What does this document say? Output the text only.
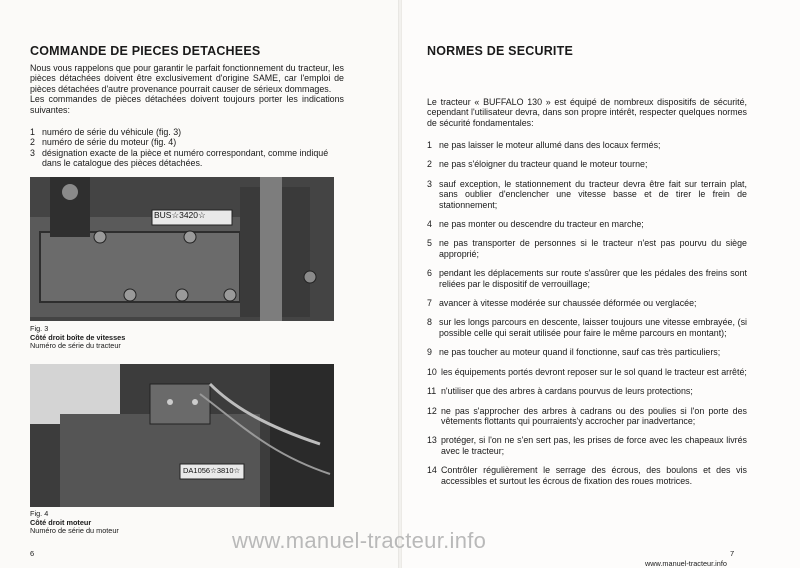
COMMANDE DE PIECES DETACHEES
Nous vous rappelons que pour garantir le parfait fonctionnement du tracteur, les pièces détachées doivent être exclusivement d'origine SAME, car l'emploi de pièces détachées d'autre provenance pourrait causer de sérieux dommages.
Les commandes de pièces détachées doivent toujours porter les indications suivantes:
1 numéro de série du véhicule (fig. 3)
2 numéro de série du moteur (fig. 4)
3 désignation exacte de la pièce et numéro correspondant, comme indiqué dans le catalogue des pièces détachées.
BUS☆3420☆
Fig. 3
Côté droit boîte de vitesses
Numéro de série du tracteur
DA1056☆3810☆
Fig. 4
Côté droit moteur
Numéro de série du moteur
6
NORMES DE SECURITE
Le tracteur « BUFFALO 130 » est équipé de nombreux dispositifs de sécurité, cependant l'utilisateur devra, dans son propre intérêt, respecter quelques normes de sécurité fondamentales:
1 ne pas laisser le moteur allumé dans des locaux fermés;
2 ne pas s'éloigner du tracteur quand le moteur tourne;
3 sauf exception, le stationnement du tracteur devra être fait sur terrain plat, sans oublier d'enclencher une vitesse basse et de tirer le frein de stationnement;
4 ne pas monter ou descendre du tracteur en marche;
5 ne pas transporter de personnes si le tracteur n'est pas pourvu du siège approprié;
6 pendant les déplacements sur route s'assûrer que les pédales des freins sont reliées par le dispositif de verrouillage;
7 avancer à vitesse modérée sur chaussée déformée ou verglacée;
8 sur les longs parcours en descente, laisser toujours une vitesse embrayée, (si possible celle qui serait utilisée pour faire le même parcours en montant);
9 ne pas toucher au moteur quand il fonctionne, sauf cas très particuliers;
10 les équipements portés devront reposer sur le sol quand le tracteur est arrêté;
11 n'utiliser que des arbres à cardans pourvus de leurs protections;
12 ne pas s'approcher des arbres à cadrans ou des poulies si l'on porte des vêtements flottants qui pourraients'y accrocher par inadvertance;
13 protéger, si l'on ne s'en sert pas, les prises de force avec les chapeaux livrés avec le tracteur;
14 Contrôler régulièrement le serrage des écrous, des boulons et des vis accessibles et surtout les écrous de fixation des roues motrices.
7
www.manuel-tracteur.info
www.manuel-tracteur.info
